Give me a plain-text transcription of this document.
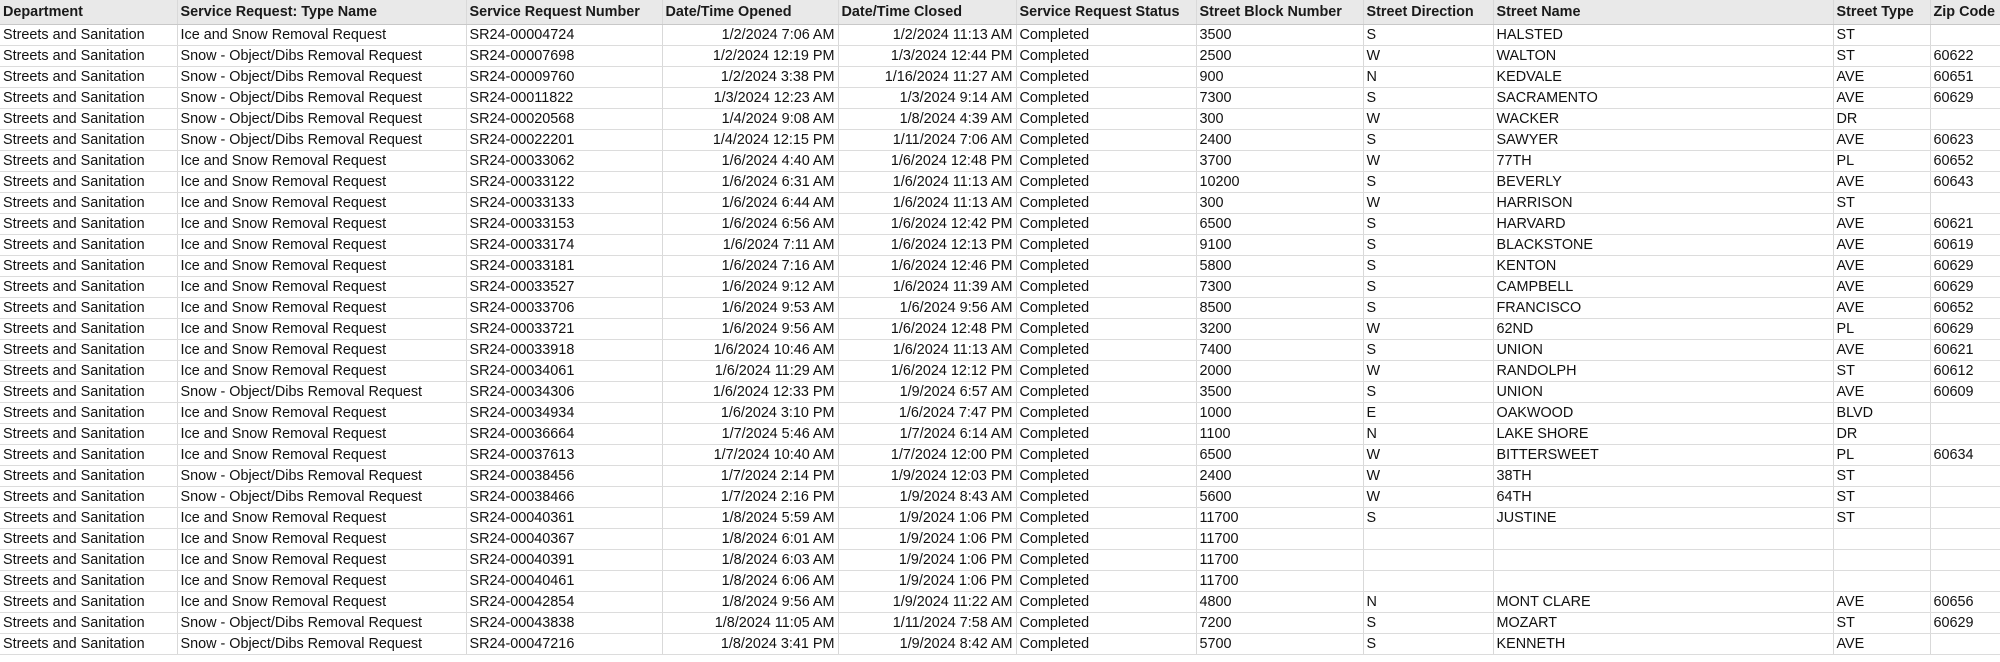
Department	Service Request: Type Name	Service Request Number	Date/Time Opened	Date/Time Closed	Service Request Status	Street Block Number	Street Direction	Street Name	Street Type	Zip Code
Streets and Sanitation	Ice and Snow Removal Request	SR24-00004724	1/2/2024 7:06 AM	1/2/2024 11:13 AM	Completed	3500	S	HALSTED	ST	
Streets and Sanitation	Snow - Object/Dibs Removal Request	SR24-00007698	1/2/2024 12:19 PM	1/3/2024 12:44 PM	Completed	2500	W	WALTON	ST	60622
Streets and Sanitation	Snow - Object/Dibs Removal Request	SR24-00009760	1/2/2024 3:38 PM	1/16/2024 11:27 AM	Completed	900	N	KEDVALE	AVE	60651
Streets and Sanitation	Snow - Object/Dibs Removal Request	SR24-00011822	1/3/2024 12:23 AM	1/3/2024 9:14 AM	Completed	7300	S	SACRAMENTO	AVE	60629
Streets and Sanitation	Snow - Object/Dibs Removal Request	SR24-00020568	1/4/2024 9:08 AM	1/8/2024 4:39 AM	Completed	300	W	WACKER	DR	
Streets and Sanitation	Snow - Object/Dibs Removal Request	SR24-00022201	1/4/2024 12:15 PM	1/11/2024 7:06 AM	Completed	2400	S	SAWYER	AVE	60623
Streets and Sanitation	Ice and Snow Removal Request	SR24-00033062	1/6/2024 4:40 AM	1/6/2024 12:48 PM	Completed	3700	W	77TH	PL	60652
Streets and Sanitation	Ice and Snow Removal Request	SR24-00033122	1/6/2024 6:31 AM	1/6/2024 11:13 AM	Completed	10200	S	BEVERLY	AVE	60643
Streets and Sanitation	Ice and Snow Removal Request	SR24-00033133	1/6/2024 6:44 AM	1/6/2024 11:13 AM	Completed	300	W	HARRISON	ST	
Streets and Sanitation	Ice and Snow Removal Request	SR24-00033153	1/6/2024 6:56 AM	1/6/2024 12:42 PM	Completed	6500	S	HARVARD	AVE	60621
Streets and Sanitation	Ice and Snow Removal Request	SR24-00033174	1/6/2024 7:11 AM	1/6/2024 12:13 PM	Completed	9100	S	BLACKSTONE	AVE	60619
Streets and Sanitation	Ice and Snow Removal Request	SR24-00033181	1/6/2024 7:16 AM	1/6/2024 12:46 PM	Completed	5800	S	KENTON	AVE	60629
Streets and Sanitation	Ice and Snow Removal Request	SR24-00033527	1/6/2024 9:12 AM	1/6/2024 11:39 AM	Completed	7300	S	CAMPBELL	AVE	60629
Streets and Sanitation	Ice and Snow Removal Request	SR24-00033706	1/6/2024 9:53 AM	1/6/2024 9:56 AM	Completed	8500	S	FRANCISCO	AVE	60652
Streets and Sanitation	Ice and Snow Removal Request	SR24-00033721	1/6/2024 9:56 AM	1/6/2024 12:48 PM	Completed	3200	W	62ND	PL	60629
Streets and Sanitation	Ice and Snow Removal Request	SR24-00033918	1/6/2024 10:46 AM	1/6/2024 11:13 AM	Completed	7400	S	UNION	AVE	60621
Streets and Sanitation	Ice and Snow Removal Request	SR24-00034061	1/6/2024 11:29 AM	1/6/2024 12:12 PM	Completed	2000	W	RANDOLPH	ST	60612
Streets and Sanitation	Snow - Object/Dibs Removal Request	SR24-00034306	1/6/2024 12:33 PM	1/9/2024 6:57 AM	Completed	3500	S	UNION	AVE	60609
Streets and Sanitation	Ice and Snow Removal Request	SR24-00034934	1/6/2024 3:10 PM	1/6/2024 7:47 PM	Completed	1000	E	OAKWOOD	BLVD	
Streets and Sanitation	Ice and Snow Removal Request	SR24-00036664	1/7/2024 5:46 AM	1/7/2024 6:14 AM	Completed	1100	N	LAKE SHORE	DR	
Streets and Sanitation	Ice and Snow Removal Request	SR24-00037613	1/7/2024 10:40 AM	1/7/2024 12:00 PM	Completed	6500	W	BITTERSWEET	PL	60634
Streets and Sanitation	Snow - Object/Dibs Removal Request	SR24-00038456	1/7/2024 2:14 PM	1/9/2024 12:03 PM	Completed	2400	W	38TH	ST	
Streets and Sanitation	Snow - Object/Dibs Removal Request	SR24-00038466	1/7/2024 2:16 PM	1/9/2024 8:43 AM	Completed	5600	W	64TH	ST	
Streets and Sanitation	Ice and Snow Removal Request	SR24-00040361	1/8/2024 5:59 AM	1/9/2024 1:06 PM	Completed	11700	S	JUSTINE	ST	
Streets and Sanitation	Ice and Snow Removal Request	SR24-00040367	1/8/2024 6:01 AM	1/9/2024 1:06 PM	Completed	11700				
Streets and Sanitation	Ice and Snow Removal Request	SR24-00040391	1/8/2024 6:03 AM	1/9/2024 1:06 PM	Completed	11700				
Streets and Sanitation	Ice and Snow Removal Request	SR24-00040461	1/8/2024 6:06 AM	1/9/2024 1:06 PM	Completed	11700				
Streets and Sanitation	Ice and Snow Removal Request	SR24-00042854	1/8/2024 9:56 AM	1/9/2024 11:22 AM	Completed	4800	N	MONT CLARE	AVE	60656
Streets and Sanitation	Snow - Object/Dibs Removal Request	SR24-00043838	1/8/2024 11:05 AM	1/11/2024 7:58 AM	Completed	7200	S	MOZART	ST	60629
Streets and Sanitation	Snow - Object/Dibs Removal Request	SR24-00047216	1/8/2024 3:41 PM	1/9/2024 8:42 AM	Completed	5700	S	KENNETH	AVE	
